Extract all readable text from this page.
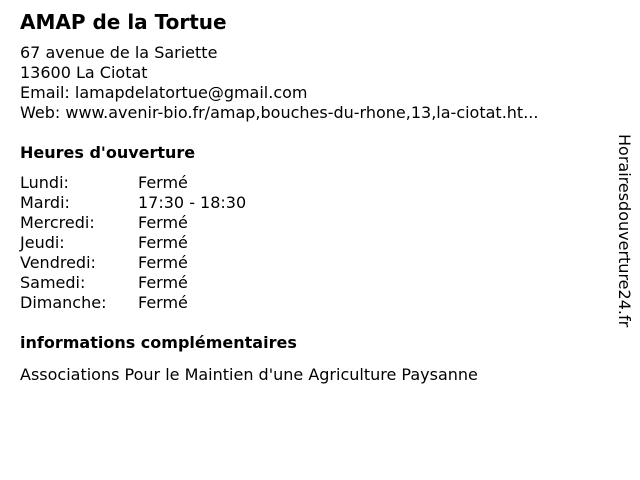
AMAP de la Tortue
67 avenue de la Sariette
13600 La Ciotat
Email: lamapdelatortue@gmail.com
Web: www.avenir-bio.fr/amap,bouches-du-rhone,13,la-ciotat.ht...
Heures d'ouverture
Lundi:	Fermé
Mardi:	17:30 - 18:30
Mercredi:	Fermé
Jeudi:	Fermé
Vendredi:	Fermé
Samedi:	Fermé
Dimanche:	Fermé
informations complémentaires
Associations Pour le Maintien d'une Agriculture Paysanne
Horairesdouverture24.fr
